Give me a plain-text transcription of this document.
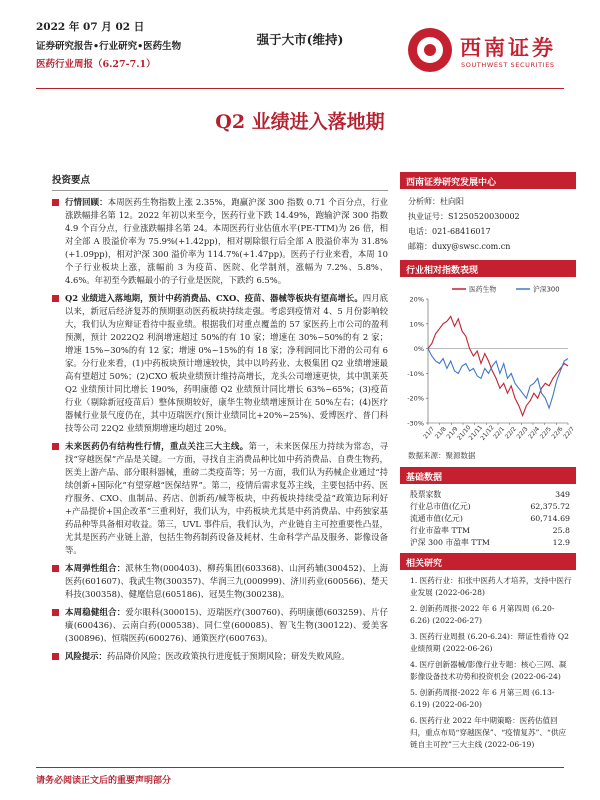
2022 年 07 月 02 日
证券研究报告•行业研究•医药生物
医药行业周报（6.27-7.1）
强于大市(维持)	西南证券
SOUTHWEST SECURITIES
Q2 业绩进入落地期
投资要点
行情回顾：本周医药生物指数上涨 2.35%，跑赢沪深 300 指数 0.71 个百分点，行业涨跌幅排名第 12。2022 年初以来至今，医药行业下跌 14.49%，跑输沪深 300 指数 4.9 个百分点，行业涨跌幅排名第 24。本周医药行业估值水平(PE-TTM)为 26 倍，相对全部 A 股溢价率为 75.9%(+1.42pp)，相对剔除银行后全部 A 股溢价率为 31.8%(+1.09pp)，相对沪深 300 溢价率为 114.7%(+1.47pp)。医药子行业来看，本周 10个子行业板块上涨，涨幅前 3 为疫苗、医院、化学制剂，涨幅为 7.2%、5.8%、4.6%。年初至今跌幅最小的子行业是医院，下跌约 6.5%。
Q2 业绩进入落地期，预计中药消费品、CXO、疫苗、器械等板块有望高增长。四月底以来，新冠后经济复苏的预期驱动医药板块持续走强。考虑到疫情对 4、5 月份影响较大，我们认为应辩证看待中报业绩。根据我们对重点覆盖的 57 家医药上市公司的盈利预测，预计 2022Q2 利润增速超过 50%的有 10 家；增速在 30%~50%的有 2 家；增速 15%~30%的有 12 家；增速 0%~15%的有 18 家；净利润同比下滑的公司有 6 家。分行业来看，(1)中药板块预计增速较快，其中以吟药业、太极集团 Q2 业绩增速最高有望超过 50%；(2)CXO 板块业绩预计维持高增长，龙头公司增速更快，其中凯莱英 Q2 业绩预计同比增长 190%，药明康德 Q2 业绩预计同比增长 63%~65%；(3)疫苗行业（剔除新冠疫苗后）整体预期较好，康华生物业绩增速预计在 50%左右；(4)医疗器械行业景气度仍在，其中迈瑞医疗(预计业绩同比+20%~25%)、爱博医疗、普门科技等公司 22Q2 业绩预期增速均超过 20%。
未来医药仍有结构性行情，重点关注三大主线。第一，未来医保压力持续为常态，寻找“穿越医保”产品是关键。一方面，寻找自主消费品种比如中药消费品、自费生物药，医美上游产品、部分眼科器械，重磅二类疫苗等；另一方面，我们认为药械企业通过“持续创新+国际化”有望穿越“医保结界”。第二，疫情后需求复苏主线，主要包括中药、医疗服务、CXO、血制品、药店、创新药/械等板块，中药板块持续受益“政策边际利好+产品提价+国企改革”三重利好，我们认为，中药板块尤其是中药消费品、中药独家基药品种等具备相对收益。第三，UVL 事件后，我们认为，产业链自主可控重要性凸显，尤其是医药产业链上游，包括生物药制药设备及耗材、生命科学产品及服务、影像设备等。
本周弹性组合：派林生物(000403)、柳药集团(603368)、山河药辅(300452)、上海医药(601607)、我武生物(300357)、华润三九(000999)、济川药业(600566)、楚天科技(300358)、健麾信息(605186)、冠昊生物(300238)。
本周稳健组合：爱尔眼科(300015)、迈瑞医疗(300760)、药明康德(603259)、片仔癀(600436)、云南白药(000538)、同仁堂(600085)、智飞生物(300122)、爱美客(300896)、恒瑞医药(600276)、通策医疗(600763)。
风险提示：药品降价风险；医改政策执行进度低于预期风险；研发失败风险。
西南证券研究发展中心
分析师：杜向阳
执业证号：S1250520030002
电话：021-68416017
邮箱：duxy@swsc.com.cn
行业相对指数表现
20%
10%
0%
-10%
-20%
-30%
21/7
21/8
21/9
21/10
21/11
21/12
22/1
22/2
22/3
22/4
22/5
22/6
22/7
医药生物	沪深300
数据来源：聚源数据
基础数据
股票家数	349
行业总市值(亿元)	62,375.72
流通市值(亿元)	60,714.69
行业市盈率 TTM	25.8
沪深 300 市盈率 TTM	12.9
相关研究
1. 医药行业：扣张中医药人才培养，支持中医行业发展 (2022-06-28)
2. 创新药周报-2022 年 6 月第四周 (6.20-6.26) (2022-06-27)
3. 医药行业周报 (6.20-6.24)：辩证性看待 Q2 业绩预期 (2022-06-26)
4. 医疗创新器械/影像行业专题：核心三网、凝影像设备技术功势和投资机会 (2022-06-24)
5. 创新药周报-2022 年 6 月第三周 (6.13-6.19) (2022-06-20)
6. 医药行业 2022 年中期策略：医药估值回归，重点布局“穿越医保”、“疫情复苏”、“供应链自主可控”三大主线 (2022-06-19)
请务必阅读正文后的重要声明部分
